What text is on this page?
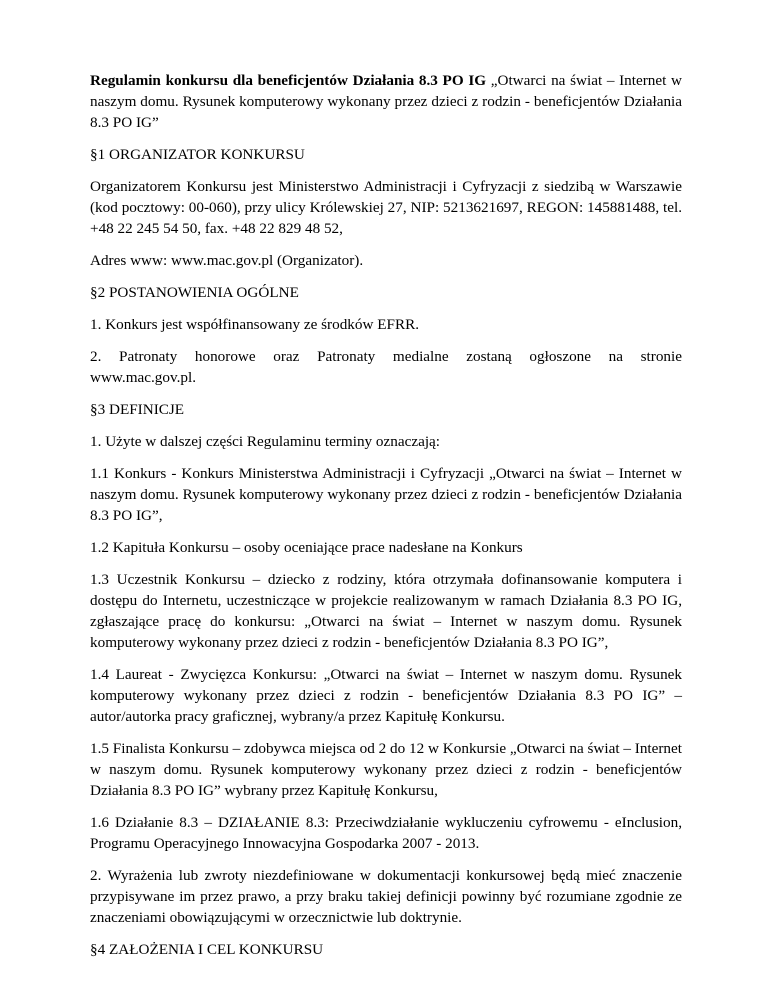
Regulamin konkursu dla beneficjentów Działania 8.3 PO IG „Otwarci na świat – Internet w naszym domu. Rysunek komputerowy wykonany przez dzieci z rodzin - beneficjentów Działania 8.3 PO IG”

§1 ORGANIZATOR KONKURSU

Organizatorem Konkursu jest Ministerstwo Administracji i Cyfryzacji z siedzibą w Warszawie (kod pocztowy: 00-060), przy ulicy Królewskiej 27, NIP: 5213621697, REGON: 145881488, tel. +48 22 245 54 50, fax. +48 22 829 48 52,

Adres www: www.mac.gov.pl (Organizator).

§2 POSTANOWIENIA OGÓLNE

1. Konkurs jest współfinansowany ze środków EFRR.

2. Patronaty honorowe oraz Patronaty medialne zostaną ogłoszone na stronie
www.mac.gov.pl.

§3 DEFINICJE

1. Użyte w dalszej części Regulaminu terminy oznaczają:

1.1 Konkurs - Konkurs Ministerstwa Administracji i Cyfryzacji „Otwarci na świat – Internet w naszym domu. Rysunek komputerowy wykonany przez dzieci z rodzin - beneficjentów Działania 8.3 PO IG”,

1.2 Kapituła Konkursu – osoby oceniające prace nadesłane na Konkurs

1.3 Uczestnik Konkursu – dziecko z rodziny, która otrzymała dofinansowanie komputera i dostępu do Internetu, uczestniczące w projekcie realizowanym w ramach Działania 8.3 PO IG, zgłaszające pracę do konkursu: „Otwarci na świat – Internet w naszym domu. Rysunek komputerowy wykonany przez dzieci z rodzin - beneficjentów Działania 8.3 PO IG”,

1.4 Laureat - Zwycięzca Konkursu: „Otwarci na świat – Internet w naszym domu. Rysunek komputerowy wykonany przez dzieci z rodzin - beneficjentów Działania 8.3 PO IG” – autor/autorka pracy graficznej, wybrany/a przez Kapitułę Konkursu.

1.5 Finalista Konkursu – zdobywca miejsca od 2 do 12 w Konkursie „Otwarci na świat – Internet w naszym domu. Rysunek komputerowy wykonany przez dzieci z rodzin - beneficjentów Działania 8.3 PO IG” wybrany przez Kapitułę Konkursu,

1.6 Działanie 8.3 – DZIAŁANIE 8.3: Przeciwdziałanie wykluczeniu cyfrowemu - eInclusion, Programu Operacyjnego Innowacyjna Gospodarka 2007 - 2013.

2. Wyrażenia lub zwroty niezdefiniowane w dokumentacji konkursowej będą mieć znaczenie przypisywane im przez prawo, a przy braku takiej definicji powinny być rozumiane zgodnie ze znaczeniami obowiązującymi w orzecznictwie lub doktrynie.

§4 ZAŁOŻENIA I CEL KONKURSU
